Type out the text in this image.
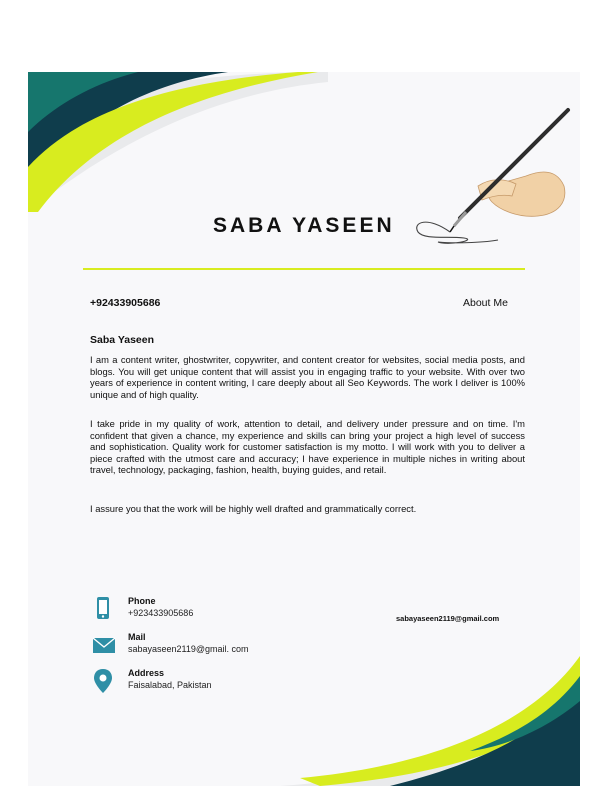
SABA YASEEN
+92433905686	About Me
Saba Yaseen

I am a content writer, ghostwriter, copywriter, and content creator for websites, social media posts, and blogs. You will get unique content that will assist you in engaging traffic to your website. With over two years of experience in content writing, I care deeply about all Seo Keywords. The work I deliver is 100% unique and of high quality.

I take pride in my quality of work, attention to detail, and delivery under pressure and on time. I'm confident that given a chance, my experience and skills can bring your project a high level of success and sophistication. Quality work for customer satisfaction is my motto. I will work with you to deliver a piece crafted with the utmost care and accuracy; I have experience in multiple niches in writing about travel, technology, packaging, fashion, health, buying guides, and retail.

I assure you that the work will be highly well drafted and grammatically correct.

Phone
+923433905686
Mail
sabayaseen2119@gmail. com
Address
Faisalabad, Pakistan
sabayaseen2119@gmail.com
